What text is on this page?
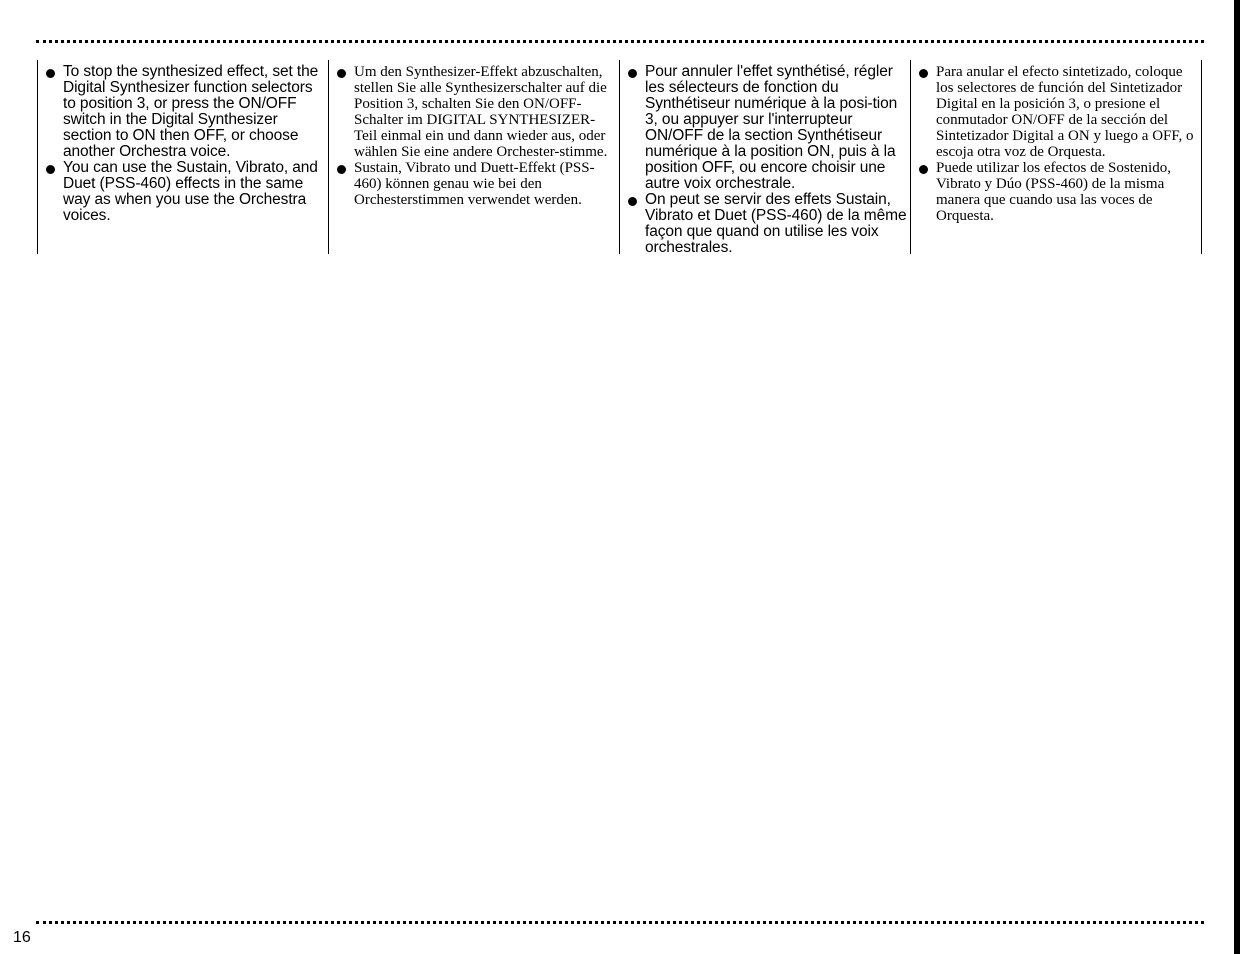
To stop the synthesized effect, set the Digital Synthesizer function selectors to position 3, or press the ON/OFF switch in the Digital Synthesizer section to ON then OFF, or choose another Orchestra voice.

You can use the Sustain, Vibrato, and Duet (PSS-460) effects in the same way as when you use the Orchestra voices.

Um den Synthesizer-Effekt abzuschalten, stellen Sie alle Synthesizerschalter auf die Position 3, schalten Sie den ON/OFF-Schalter im DIGITAL SYNTHESIZER-Teil einmal ein und dann wieder aus, oder wählen Sie eine andere Orchester-stimme.

Sustain, Vibrato und Duett-Effekt (PSS-460) können genau wie bei den Orchesterstimmen verwendet werden.

Pour annuler l'effet synthétisé, régler les sélecteurs de fonction du Synthétiseur numérique à la posi-tion 3, ou appuyer sur l'interrupteur ON/OFF de la section Synthétiseur numérique à la position ON, puis à la position OFF, ou encore choisir une autre voix orchestrale.

On peut se servir des effets Sustain, Vibrato et Duet (PSS-460) de la même façon que quand on utilise les voix orchestrales.

Para anular el efecto sintetizado, coloque los selectores de función del Sintetizador Digital en la posición 3, o presione el conmutador ON/OFF de la sección del Sintetizador Digital a ON y luego a OFF, o escoja otra voz de Orquesta.

Puede utilizar los efectos de Sostenido, Vibrato y Dúo (PSS-460) de la misma manera que cuando usa las voces de Orquesta.

16
